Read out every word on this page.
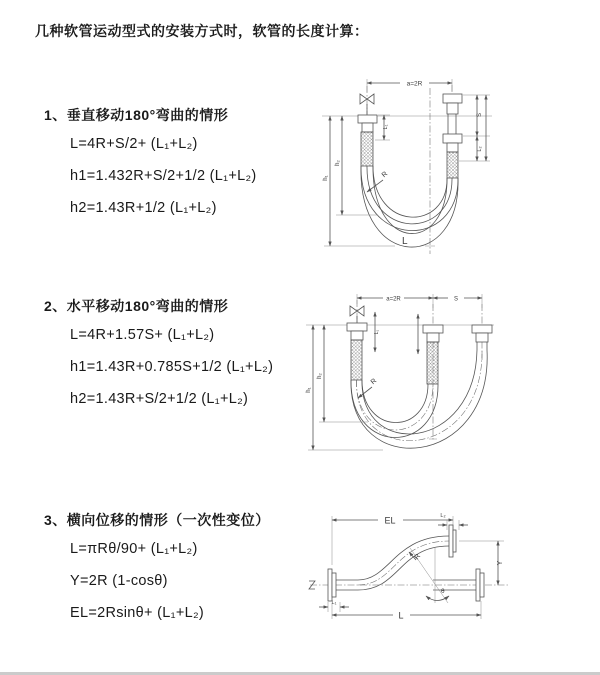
几种软管运动型式的安装方式时，软管的长度计算：
1、垂直移动180°弯曲的情形
L=4R+S/2+ (L₁+L₂)
h1=1.432R+S/2+1/2 (L₁+L₂)
h2=1.43R+1/2 (L₁+L₂)
a=2R
L
h₁
h₂
L₁
S
L₂
R
2、水平移动180°弯曲的情形
L=4R+1.57S+ (L₁+L₂)
h1=1.43R+0.785S+1/2 (L₁+L₂)
h2=1.43R+S/2+1/2 (L₁+L₂)
a=2R	S
h₁
h₂
L₁
R
3、横向位移的情形（一次性变位）
L=πRθ/90+ (L₁+L₂)
Y=2R (1-cosθ)
EL=2Rsinθ+ (L₁+L₂)
EL	L₂
Y
θ
R
L
L₁
